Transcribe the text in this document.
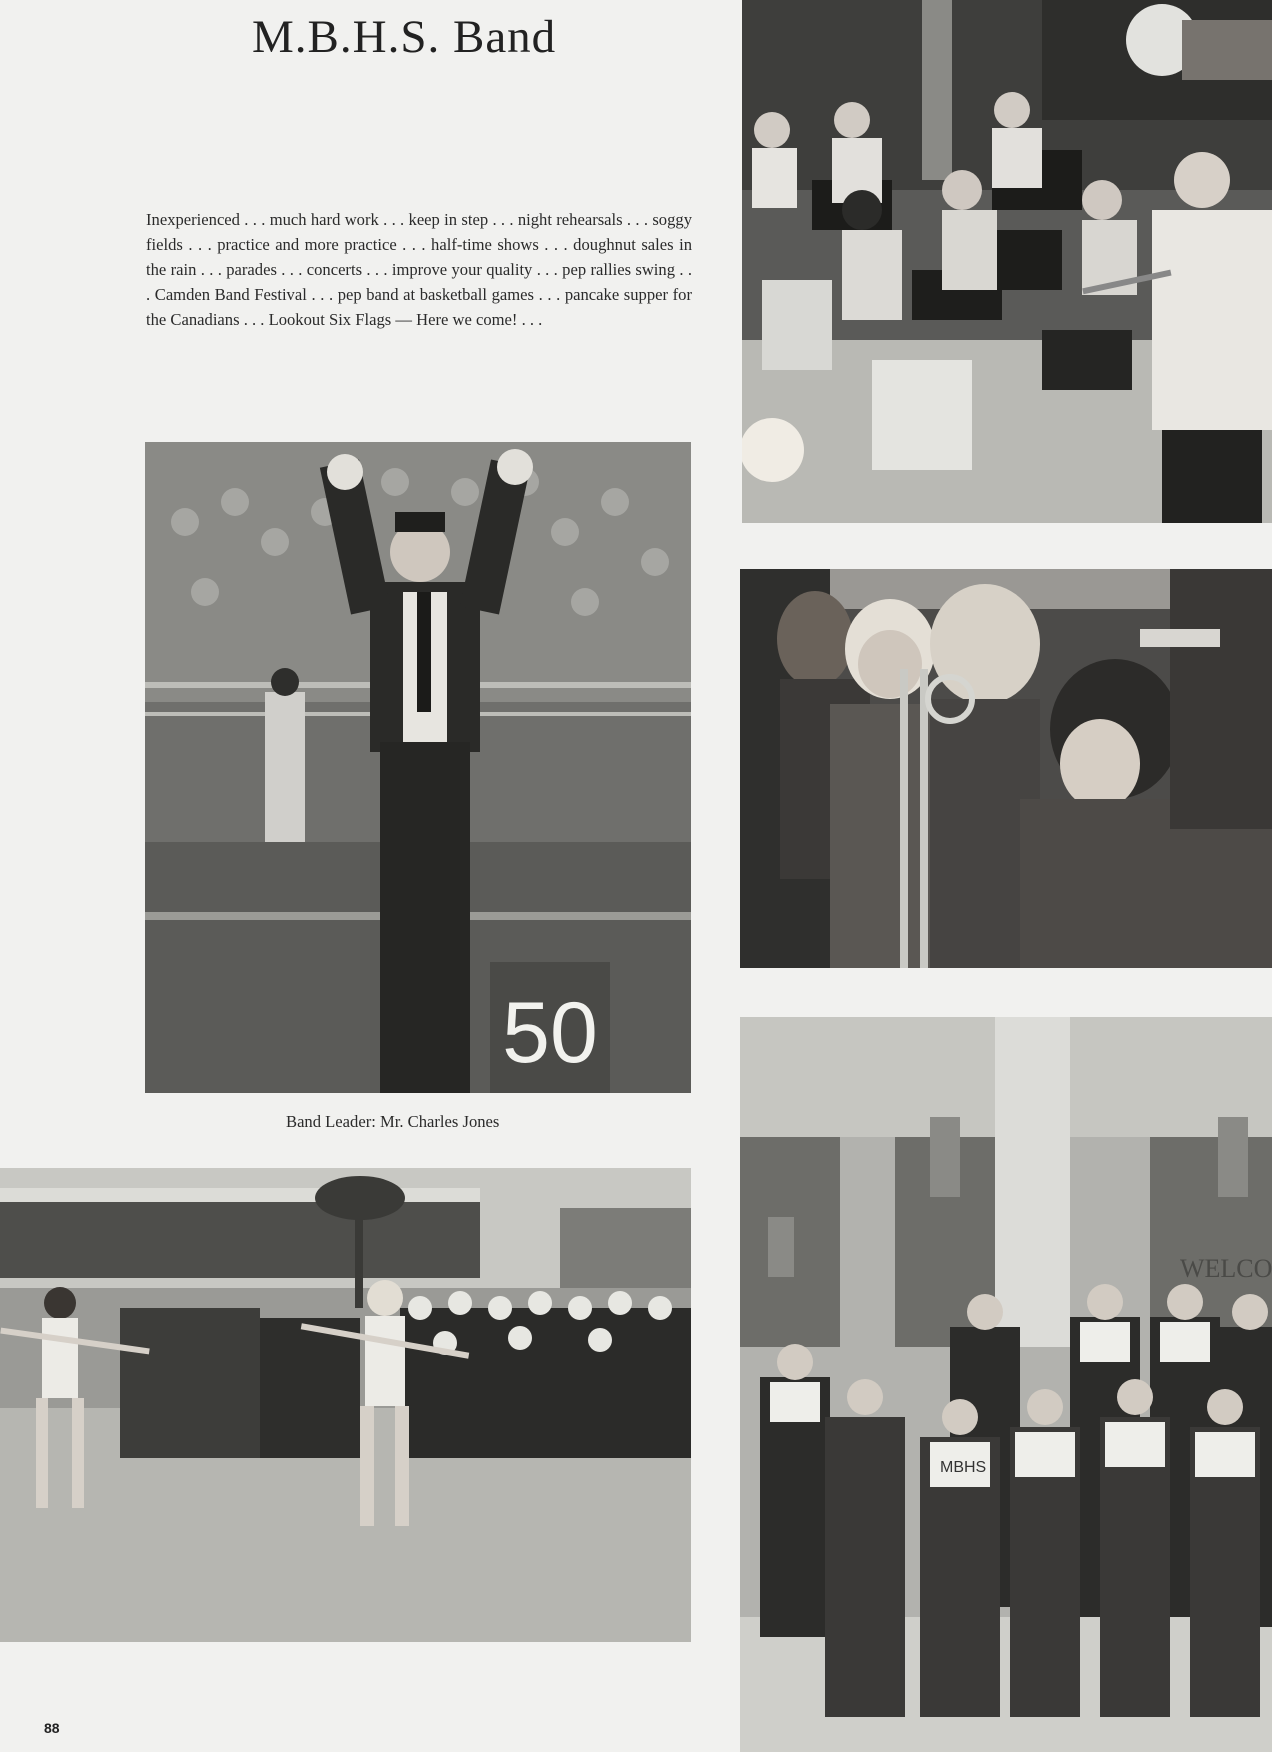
M.B.H.S. Band

Inexperienced . . . much hard work . . . keep in step . . . night rehearsals . . . soggy fields . . . practice and more practice . . . half-time shows . . . doughnut sales in the rain . . . parades . . . concerts . . . improve your quality . . . pep rallies swing . . . Camden Band Festival . . . pep band at basketball games . . . pancake supper for the Canadians . . . Lookout Six Flags — Here we come! . . .

50
Band Leader: Mr. Charles Jones
WELCO
MBHS
88
